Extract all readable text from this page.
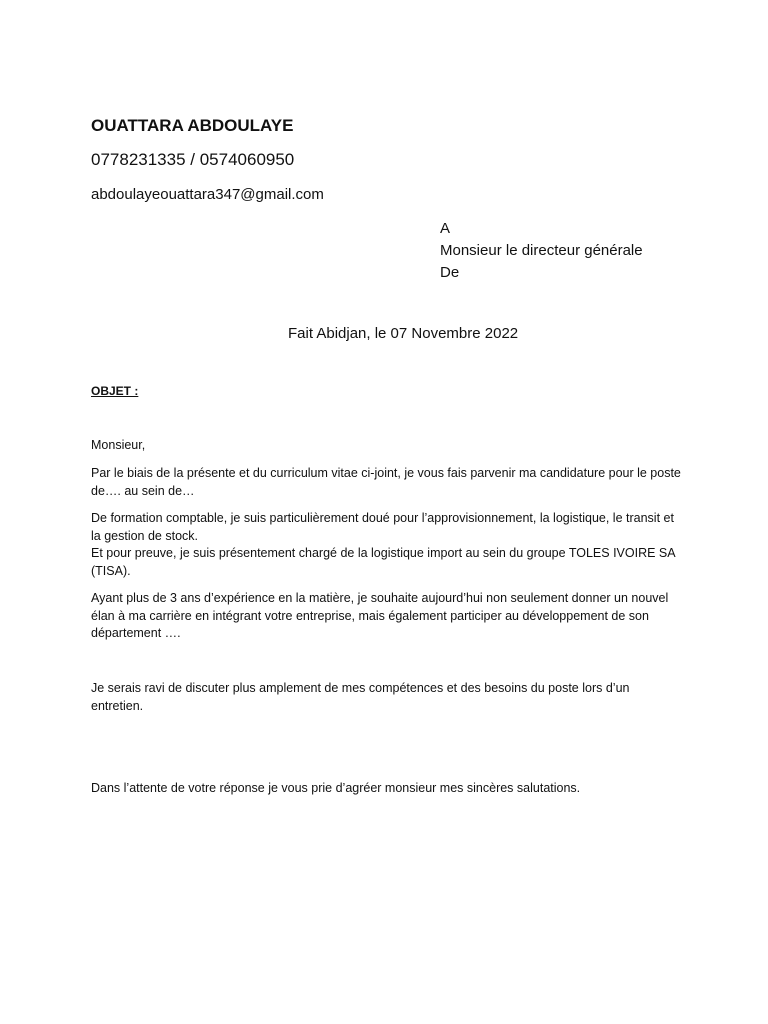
OUATTARA ABDOULAYE

0778231335 / 0574060950

abdoulayeouattara347@gmail.com

A
Monsieur le directeur générale
De

Fait Abidjan, le 07 Novembre 2022

OBJET :

Monsieur,

Par le biais de la présente et du curriculum vitae ci-joint, je vous fais parvenir ma candidature pour le poste de…. au sein de…

De formation comptable, je suis particulièrement doué pour l’approvisionnement, la logistique, le transit et la gestion de stock.
Et pour preuve, je suis présentement chargé de la logistique import au sein du groupe TOLES IVOIRE SA (TISA).

Ayant plus de 3 ans d’expérience en la matière, je souhaite aujourd’hui non seulement donner un nouvel élan à ma carrière en intégrant votre entreprise, mais également participer au développement de son département ….

Je serais ravi de discuter plus amplement de mes compétences et des besoins du poste lors d’un entretien.

Dans l’attente de votre réponse je vous prie d’agréer monsieur mes sincères salutations.
